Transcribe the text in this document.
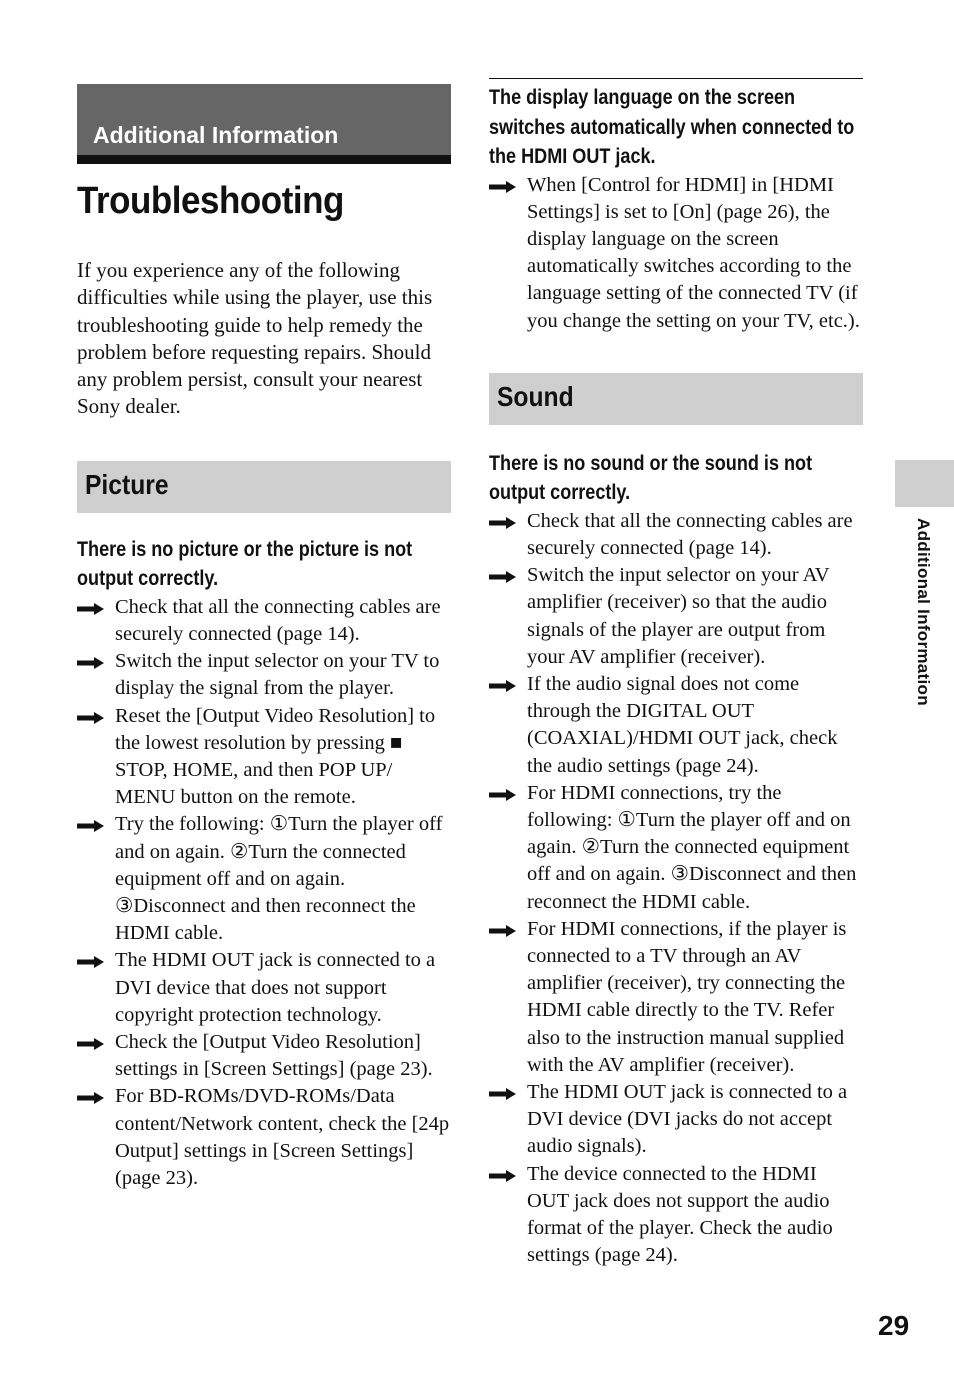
Additional Information
Troubleshooting

If you experience any of the following difficulties while using the player, use this troubleshooting guide to help remedy the problem before requesting repairs. Should any problem persist, consult your nearest Sony dealer.

Picture

There is no picture or the picture is not output correctly.

Check that all the connecting cables are securely connected (page 14).
Switch the input selector on your TV to display the signal from the player.
Reset the [Output Video Resolution] to the lowest resolution by pressing ■ STOP, HOME, and then POP UP/ MENU button on the remote.
Try the following: ①Turn the player off and on again. ②Turn the connected equipment off and on again. ③Disconnect and then reconnect the HDMI cable.
The HDMI OUT jack is connected to a DVI device that does not support copyright protection technology.
Check the [Output Video Resolution] settings in [Screen Settings] (page 23).
For BD-ROMs/DVD-ROMs/Data content/Network content, check the [24p Output] settings in [Screen Settings] (page 23).

The display language on the screen switches automatically when connected to the HDMI OUT jack.

When [Control for HDMI] in [HDMI Settings] is set to [On] (page 26), the display language on the screen automatically switches according to the language setting of the connected TV (if you change the setting on your TV, etc.).
Sound

There is no sound or the sound is not output correctly.

Check that all the connecting cables are securely connected (page 14).
Switch the input selector on your AV amplifier (receiver) so that the audio signals of the player are output from your AV amplifier (receiver).
If the audio signal does not come through the DIGITAL OUT (COAXIAL)/HDMI OUT jack, check the audio settings (page 24).
For HDMI connections, try the following: ①Turn the player off and on again. ②Turn the connected equipment off and on again. ③Disconnect and then reconnect the HDMI cable.
For HDMI connections, if the player is connected to a TV through an AV amplifier (receiver), try connecting the HDMI cable directly to the TV. Refer also to the instruction manual supplied with the AV amplifier (receiver).
The HDMI OUT jack is connected to a DVI device (DVI jacks do not accept audio signals).
The device connected to the HDMI OUT jack does not support the audio format of the player. Check the audio settings (page 24).
Additional Information
29
